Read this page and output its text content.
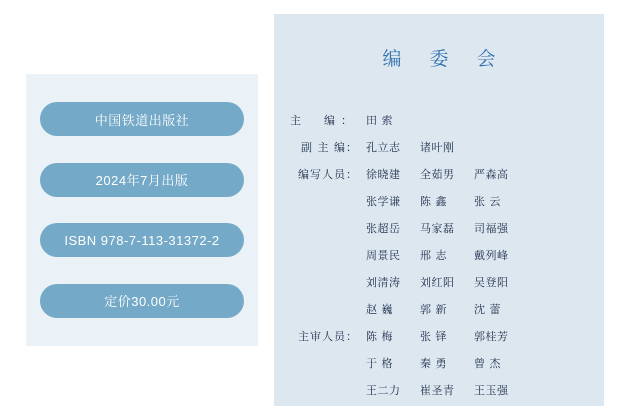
中国铁道出版社
2024年7月出版
ISBN 978-7-113-31372-2
定价30.00元
编 委 会
主　编： 田 索
副 主 编： 孔立志 诸叶刚
编写人员： 徐晓建 全茹男 严森高
张学谦 陈 鑫 张 云
张超岳 马家磊 司福强
周景民 邢 志 戴列峰
刘清涛 刘红阳 吴登阳
赵 巍 郭 新 沈 蕾
主审人员： 陈 梅 张 铎 郭桂芳
于 格 秦 勇 曾 杰
王二力 崔圣青 王玉强
